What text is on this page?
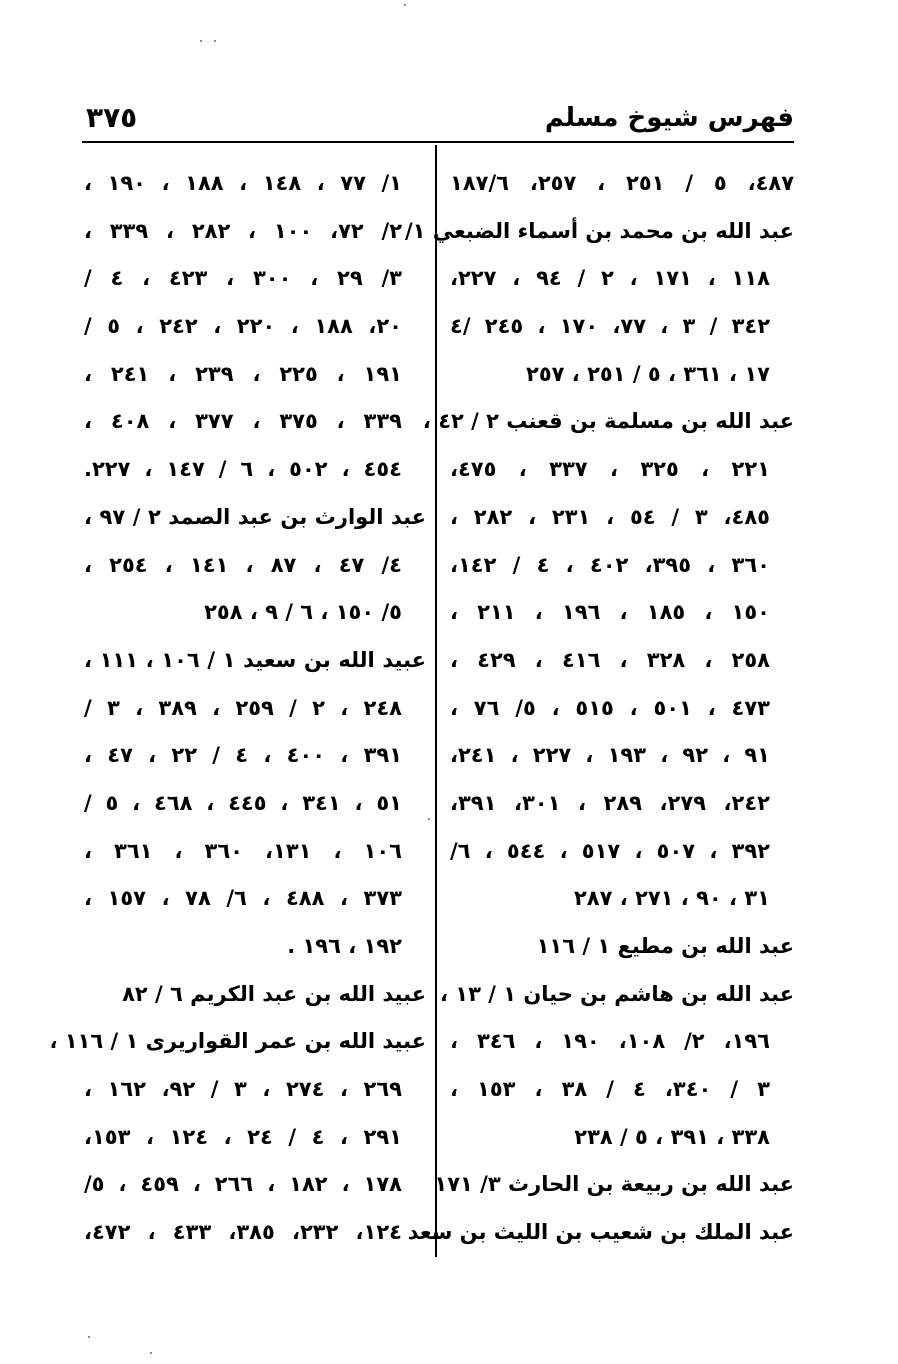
٣٧٥	فهرس شيوخ مسلم
٤٨٧، ٥ / ٢٥١ ، ٢٥٧، ١٨٧/٦
عبد الله بن محمد بن أسماء الضبعي ١/
١١٨ ، ١٧١ ، ٢ / ٩٤ ، ٢٢٧،
٣٤٢ / ٣ ، ٧٧، ١٧٠ ، ٢٤٥ /٤
١٧ ، ٣٦١ ، ٥ / ٢٥١ ، ٢٥٧
عبد الله بن مسلمة بن قعنب ٢ / ٤٢ ،
٢٢١ ، ٣٢٥ ، ٣٣٧ ، ٤٧٥،
٤٨٥، ٣ / ٥٤ ، ٢٣١ ، ٢٨٢ ،
٣٦٠ ، ٣٩٥، ٤٠٢ ، ٤ / ١٤٢،
١٥٠ ، ١٨٥ ، ١٩٦ ، ٢١١ ،
٢٥٨ ، ٣٢٨ ، ٤١٦ ، ٤٢٩ ،
٤٧٣ ، ٥٠١ ، ٥١٥ ، ٥/ ٧٦ ،
٩١ ، ٩٢ ، ١٩٣ ، ٢٢٧ ، ٢٤١،
٢٤٢، ٢٧٩، ٢٨٩ ، ٣٠١، ٣٩١،
٣٩٢ ، ٥٠٧ ، ٥١٧ ، ٥٤٤ ، ٦/
٣١ ، ٩٠ ، ٢٧١ ، ٢٨٧
عبد الله بن مطيع ١ / ١١٦
عبد الله بن هاشم بن حيان ١ / ١٣ ،
١٩٦، ٢/ ١٠٨، ١٩٠ ، ٣٤٦ ،
٣ / ٣٤٠، ٤ / ٣٨ ، ١٥٣ ،
٣٣٨ ، ٣٩١ ، ٥ / ٢٣٨
عبد الله بن ربيعة بن الحارث ٣/ ١٧١
عبد الملك بن شعيب بن الليث بن سعد
١/ ٧٧ ، ١٤٨ ، ١٨٨ ، ١٩٠ ،
٢/ ٧٢، ١٠٠ ، ٢٨٢ ، ٣٣٩ ،
٣/ ٢٩ ، ٣٠٠ ، ٤٢٣ ، ٤ /
٢٠، ١٨٨ ، ٢٢٠ ، ٢٤٢ ، ٥ /
١٩١ ، ٢٢٥ ، ٢٣٩ ، ٢٤١ ،
٣٣٩ ، ٣٧٥ ، ٣٧٧ ، ٤٠٨ ،
٤٥٤ ، ٥٠٢ ، ٦ / ١٤٧ ، ٢٢٧.
عبد الوارث بن عبد الصمد ٢ / ٩٧ ،
٤/ ٤٧ ، ٨٧ ، ١٤١ ، ٢٥٤ ،
٥/ ١٥٠ ، ٦ / ٩ ، ٢٥٨
عبيد الله بن سعيد ١ / ١٠٦ ، ١١١ ،
٢٤٨ ، ٢ / ٢٥٩ ، ٣٨٩ ، ٣ /
٣٩١ ، ٤٠٠ ، ٤ / ٢٢ ، ٤٧ ،
٥١ ، ٣٤١ ، ٤٤٥ ، ٤٦٨ ، ٥ /
١٠٦ ، ١٣١، ٣٦٠ ، ٣٦١ ،
٣٧٣ ، ٤٨٨ ، ٦/ ٧٨ ، ١٥٧ ،
١٩٢ ، ١٩٦ .
عبيد الله بن عبد الكريم ٦ / ٨٢
عبيد الله بن عمر القواريرى ١ / ١١٦ ،
٢٦٩ ، ٢٧٤ ، ٣ / ٩٢، ١٦٢ ،
٢٩١ ، ٤ / ٢٤ ، ١٢٤ ، ١٥٣،
١٧٨ ، ١٨٢ ، ٢٦٦ ، ٤٥٩ ، ٥/
١٢٤، ٢٣٢، ٣٨٥، ٤٣٣ ، ٤٧٢،
